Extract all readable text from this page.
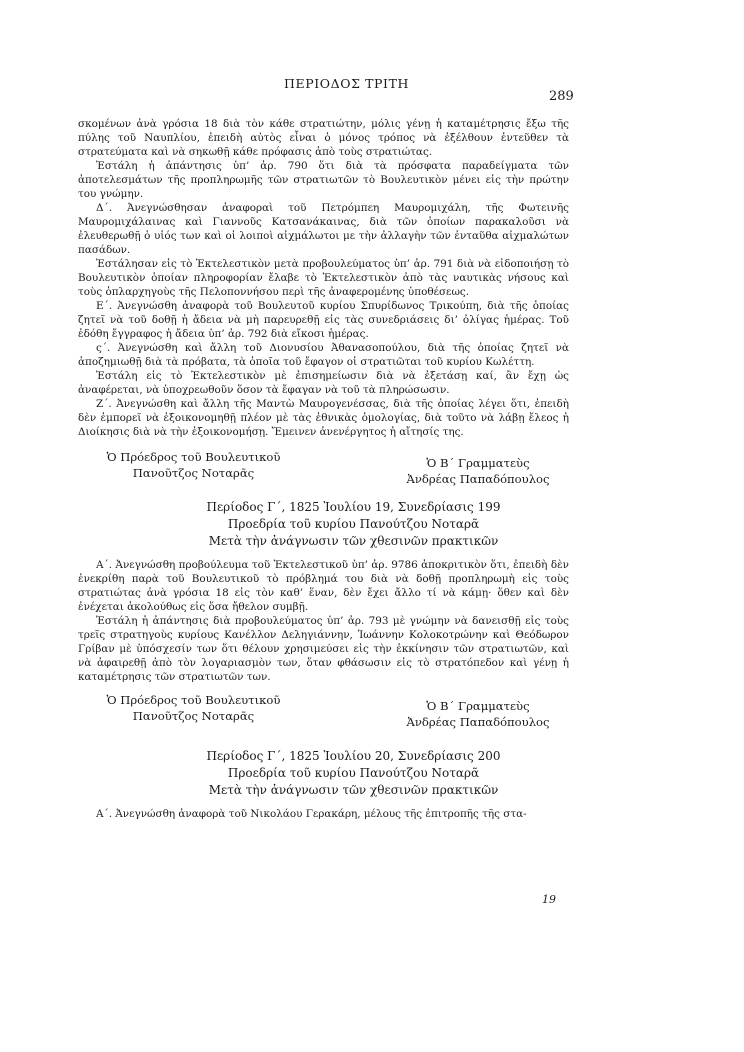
ΠΕΡΙΟΔΟΣ ΤΡΙΤΗ
289

σκομένων ἀνὰ γρόσια 18 διὰ τὸν κάθε στρατιώτην, μόλις γένῃ ἡ καταμέτρησις ἔξω τῆς πύλης τοῦ Ναυπλίου, ἐπειδὴ αὐτὸς εἶναι ὁ μόνος τρόπος νὰ ἐξέλθουν ἐντεῦθεν τὰ στρατεύματα καὶ νὰ σηκωθῇ κάθε πρόφασις ἀπὸ τοὺς στρατιώτας.

Ἐστάλη ἡ ἀπάντησις ὑπ’ ἀρ. 790 ὅτι διὰ τὰ πρόσφατα παραδείγματα τῶν ἀποτελεσμάτων τῆς προπληρωμῆς τῶν στρατιωτῶν τὸ Βουλευτικὸν μένει εἰς τὴν πρώτην του γνώμην.

Δ΄. Ἀνεγνώσθησαν ἀναφοραὶ τοῦ Πετρόμπεη Μαυρομιχάλη, τῆς Φωτεινῆς Μαυρομιχάλαινας καὶ Γιαννοῦς Κατσανάκαινας, διὰ τῶν ὁποίων παρακαλοῦσι νὰ ἐλευθερωθῇ ὁ υἱός των καὶ οἱ λοιποὶ αἰχμάλωτοι με τὴν ἀλλαγὴν τῶν ἐνταῦθα αἰχμαλώτων πασάδων.

Ἐστάλησαν εἰς τὸ Ἐκτελεστικὸν μετὰ προβουλεύματος ὑπ’ ἀρ. 791 διὰ νὰ εἰδοποιήσῃ τὸ Βουλευτικὸν ὁποίαν πληροφορίαν ἔλαβε τὸ Ἐκτελεστικὸν ἀπὸ τὰς ναυτικὰς νήσους καὶ τοὺς ὁπλαρχηγοὺς τῆς Πελοποννήσου περὶ τῆς ἀναφερομένης ὑποθέσεως.

Ε΄. Ἀνεγνώσθη ἀναφορὰ τοῦ Βουλευτοῦ κυρίου Σπυρίδωνος Τρικούπη, διὰ τῆς ὁποίας ζητεῖ νὰ τοῦ δοθῇ ἡ ἄδεια νὰ μὴ παρευρεθῇ εἰς τὰς συνεδριάσεις δι’ ὀλίγας ἡμέρας. Τοῦ ἐδόθη ἔγγραφος ἡ ἄδεια ὑπ’ ἀρ. 792 διὰ εἴκοσι ἡμέρας.

ς΄. Ἀνεγνώσθη καὶ ἄλλη τοῦ Διονυσίου Ἀθανασοπούλου, διὰ τῆς ὁποίας ζητεῖ νὰ ἀποζημιωθῇ διὰ τὰ πρόβατα, τὰ ὁποῖα τοῦ ἔφαγον οἱ στρατιῶται τοῦ κυρίου Κωλέττη.

Ἐστάλη εἰς τὸ Ἐκτελεστικὸν μὲ ἐπισημείωσιν διὰ νὰ ἐξετάσῃ καί, ἂν ἔχῃ ὡς ἀναφέρεται, νὰ ὑποχρεωθοῦν ὅσον τὰ ἔφαγαν νὰ τοῦ τὰ πληρώσωσιν.

Ζ΄. Ἀνεγνώσθη καὶ ἄλλη τῆς Μαντὼ Μαυρογενέσσας, διὰ τῆς ὁποίας λέγει ὅτι, ἐπειδὴ δὲν ἐμπορεῖ νὰ ἐξοικονομηθῇ πλέον μὲ τὰς ἐθνικὰς ὁμολογίας, διὰ τοῦτο νὰ λάβῃ ἔλεος ἡ Διοίκησις διὰ νὰ τὴν ἐξοικονομήσῃ. Ἔμεινεν ἀνενέργητος ἡ αἴτησίς της.

Ὁ Πρόεδρος τοῦ Βουλευτικοῦ
Πανοῦτζος Νοταρᾶς
Ὁ Β΄ Γραμματεὺς
Ἀνδρέας Παπαδόπουλος
Περίοδος Γ΄, 1825 Ἰουλίου 19, Συνεδρίασις 199
Προεδρία τοῦ κυρίου Πανούτζου Νοταρᾶ
Μετὰ τὴν ἀνάγνωσιν τῶν χθεσινῶν πρακτικῶν

Α΄. Ἀνεγνώσθη προβούλευμα τοῦ Ἐκτελεστικοῦ ὑπ’ ἀρ. 9786 ἀποκριτικὸν ὅτι, ἐπειδὴ δὲν ἐνεκρίθη παρὰ τοῦ Βουλευτικοῦ τὸ πρόβλημά του διὰ νὰ δοθῇ προπληρωμὴ εἰς τοὺς στρατιώτας ἀνὰ γρόσια 18 εἰς τὸν καθ’ ἕναν, δὲν ἔχει ἄλλο τί νὰ κάμῃ· ὅθεν καὶ δὲν ἐνέχεται ἀκολούθως εἰς ὅσα ἤθελον συμβῇ.

Ἐστάλη ἡ ἀπάντησις διὰ προβουλεύματος ὑπ’ ἀρ. 793 μὲ γνώμην νὰ δανεισθῇ εἰς τοὺς τρεῖς στρατηγοὺς κυρίους Κανέλλον Δεληγιάννην, Ἰωάννην Κολοκοτρώνην καὶ Θεόδωρον Γρίβαν μὲ ὑπόσχεσίν των ὅτι θέλουν χρησιμεύσει εἰς τὴν ἐκκίνησιν τῶν στρατιωτῶν, καὶ νὰ ἀφαιρεθῇ ἀπὸ τὸν λογαριασμὸν των, ὅταν φθάσωσιν εἰς τὸ στρατόπεδον καὶ γένῃ ἡ καταμέτρησις τῶν στρατιωτῶν των.

Ὁ Πρόεδρος τοῦ Βουλευτικοῦ
Πανοῦτζος Νοταρᾶς
Ὁ Β΄ Γραμματεὺς
Ἀνδρέας Παπαδόπουλος
Περίοδος Γ΄, 1825 Ἰουλίου 20, Συνεδρίασις 200
Προεδρία τοῦ κυρίου Πανούτζου Νοταρᾶ
Μετὰ τὴν ἀνάγνωσιν τῶν χθεσινῶν πρακτικῶν

Α΄. Ἀνεγνώσθη ἀναφορὰ τοῦ Νικολάου Γερακάρη, μέλους τῆς ἐπιτροπῆς τῆς στα-

19
